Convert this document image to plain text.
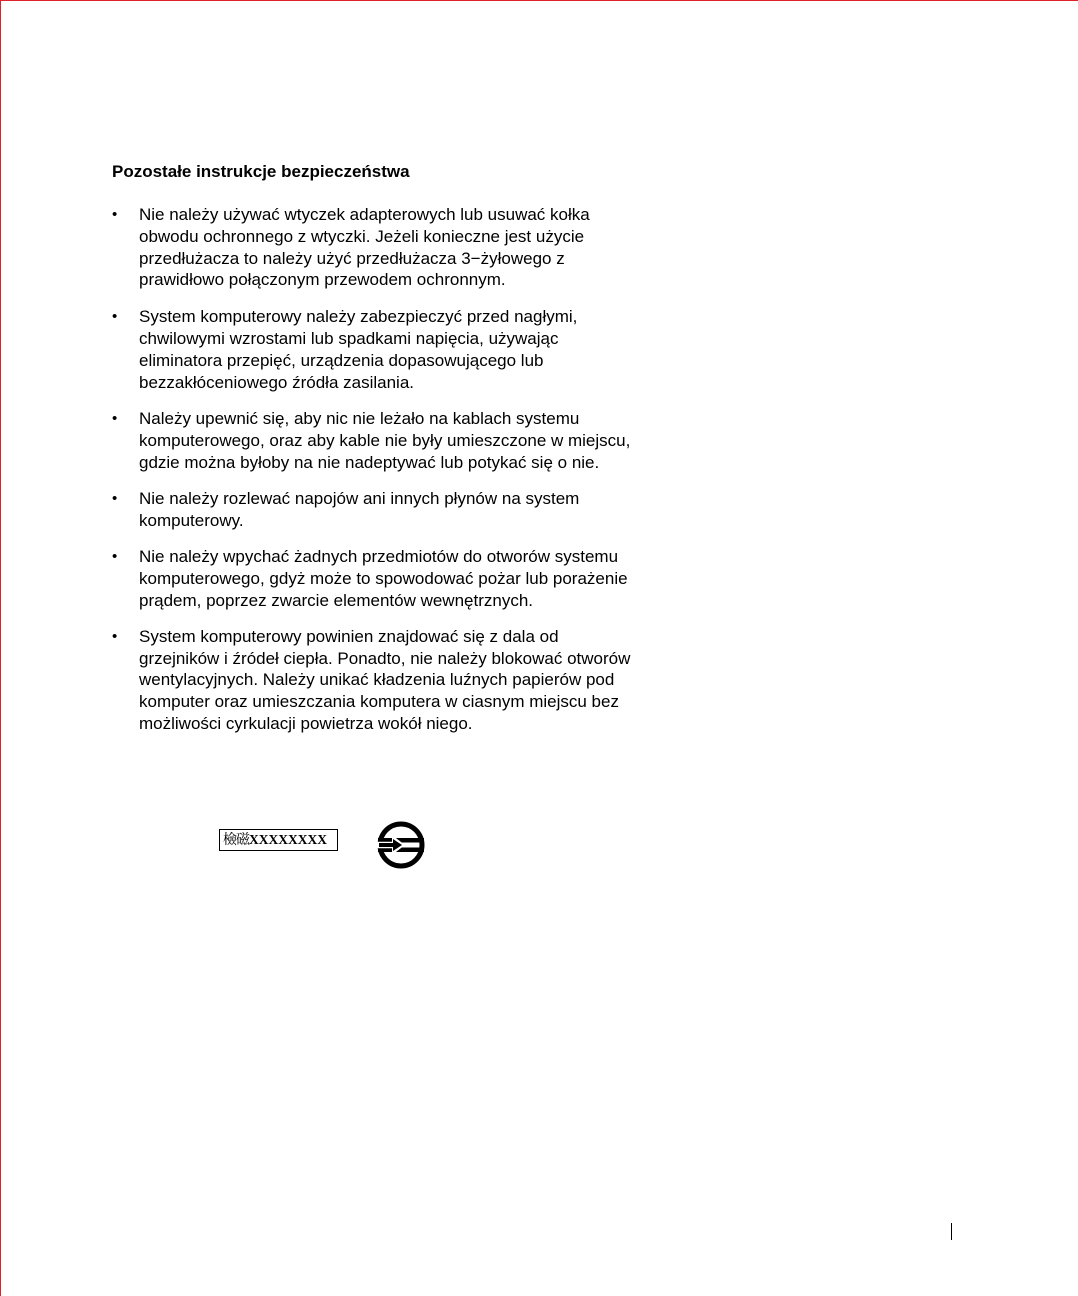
Pozostałe instrukcje bezpieczeństwa
• Nie należy używać wtyczek adapterowych lub usuwać kołka
obwodu ochronnego z wtyczki. Jeżeli konieczne jest użycie
przedłużacza to należy użyć przedłużacza 3−żyłowego z
prawidłowo połączonym przewodem ochronnym.
• System komputerowy należy zabezpieczyć przed nagłymi,
chwilowymi wzrostami lub spadkami napięcia, używając
eliminatora przepięć, urządzenia dopasowującego lub
bezzakłóceniowego źródła zasilania.
• Należy upewnić się, aby nic nie leżało na kablach systemu
komputerowego, oraz aby kable nie były umieszczone w miejscu,
gdzie można byłoby na nie nadeptywać lub potykać się o nie.
• Nie należy rozlewać napojów ani innych płynów na system
komputerowy.
• Nie należy wpychać żadnych przedmiotów do otworów systemu
komputerowego, gdyż może to spowodować pożar lub porażenie
prądem, poprzez zwarcie elementów wewnętrznych.
• System komputerowy powinien znajdować się z dala od
grzejników i źródeł ciepła. Ponadto, nie należy blokować otworów
wentylacyjnych. Należy unikać kładzenia luźnych papierów pod
komputer oraz umieszczania komputera w ciasnym miejscu bez
możliwości cyrkulacji powietrza wokół niego.
檢磁 XXXXXXXX
